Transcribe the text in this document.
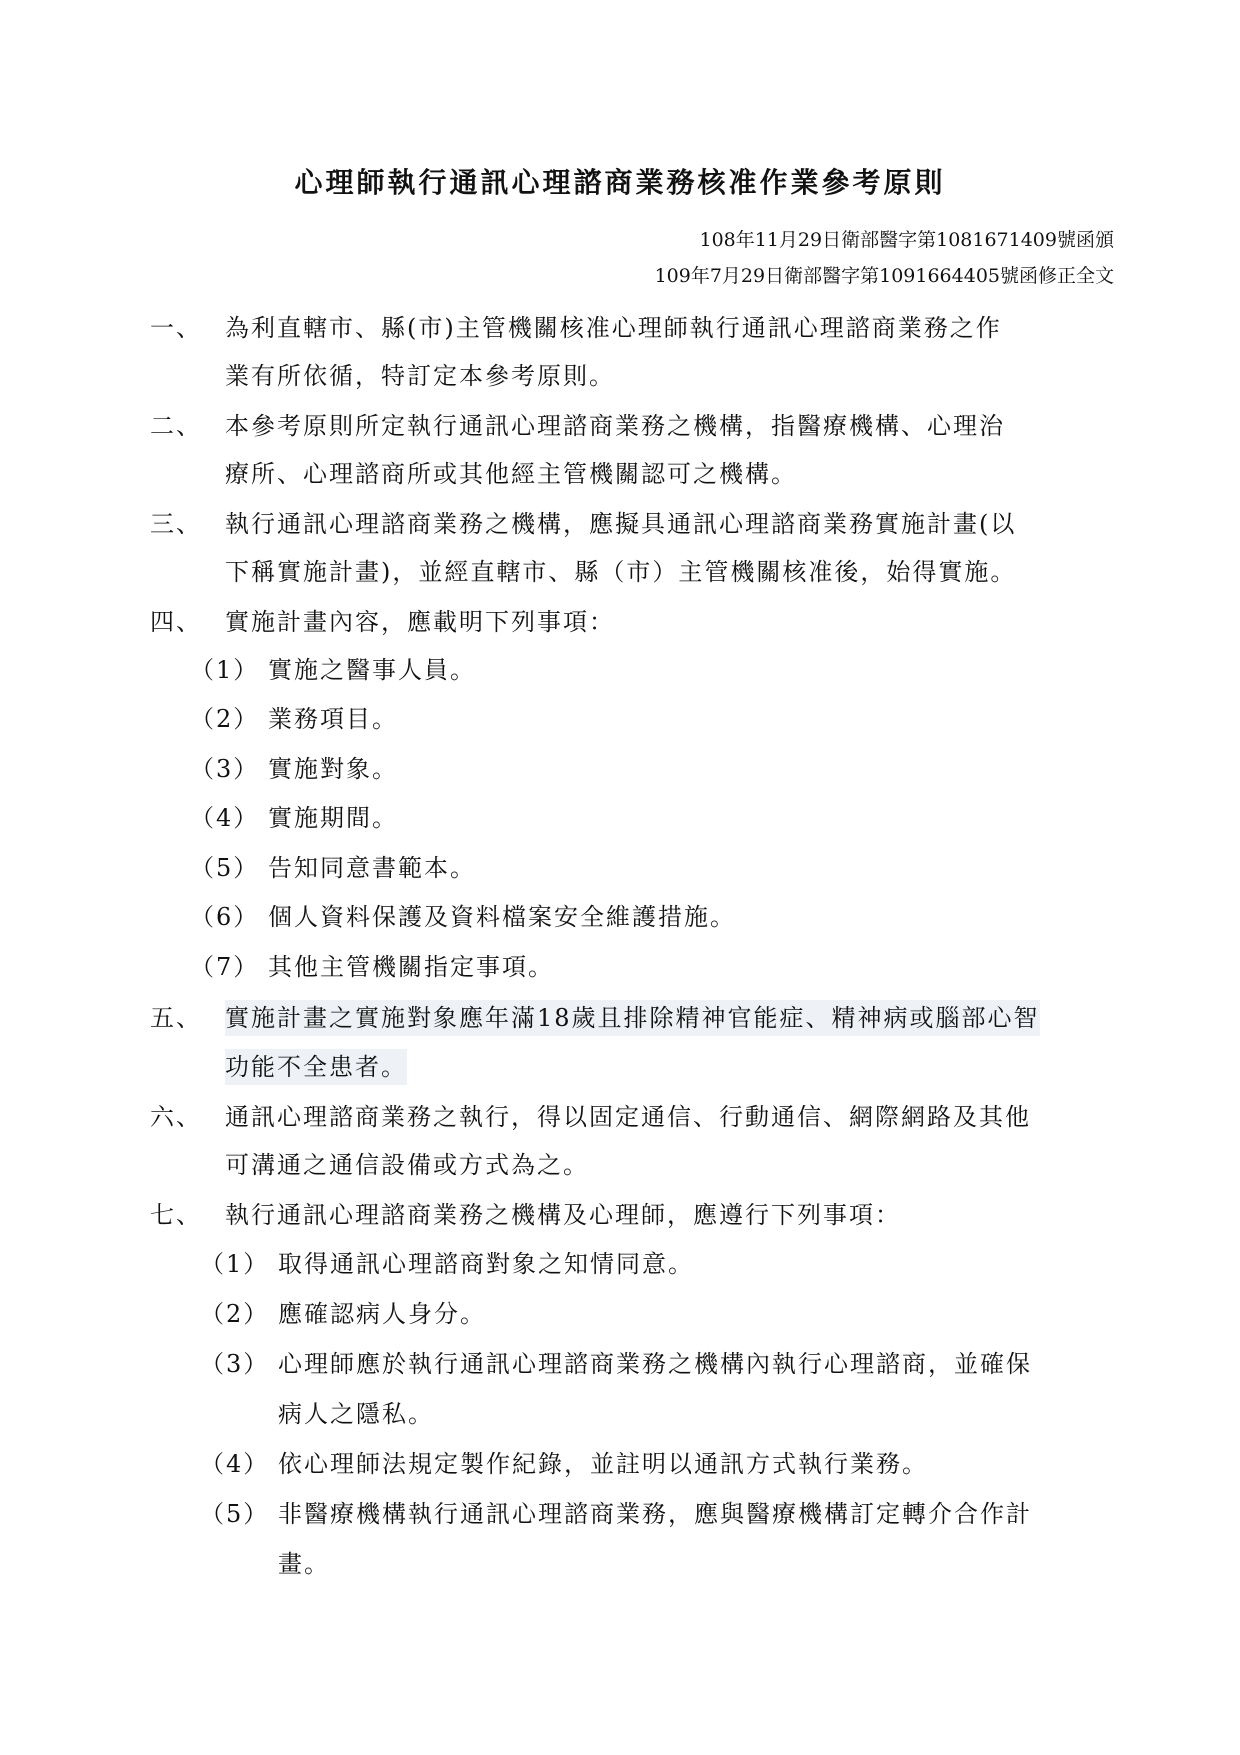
心理師執行通訊心理諮商業務核准作業參考原則
108年11月29日衛部醫字第1081671409號函頒
109年7月29日衛部醫字第1091664405號函修正全文
一、 為利直轄市、縣(市)主管機關核准心理師執行通訊心理諮商業務之作
業有所依循，特訂定本參考原則。
二、 本參考原則所定執行通訊心理諮商業務之機構，指醫療機構、心理治
療所、心理諮商所或其他經主管機關認可之機構。
三、 執行通訊心理諮商業務之機構，應擬具通訊心理諮商業務實施計畫(以
下稱實施計畫)，並經直轄市、縣（市）主管機關核准後，始得實施。
四、 實施計畫內容，應載明下列事項：
（1） 實施之醫事人員。
（2） 業務項目。
（3） 實施對象。
（4） 實施期間。
（5） 告知同意書範本。
（6） 個人資料保護及資料檔案安全維護措施。
（7） 其他主管機關指定事項。
五、 實施計畫之實施對象應年滿18歲且排除精神官能症、精神病或腦部心智
功能不全患者。
六、 通訊心理諮商業務之執行，得以固定通信、行動通信、網際網路及其他
可溝通之通信設備或方式為之。
七、 執行通訊心理諮商業務之機構及心理師，應遵行下列事項：
（1） 取得通訊心理諮商對象之知情同意。
（2） 應確認病人身分。
（3） 心理師應於執行通訊心理諮商業務之機構內執行心理諮商，並確保
病人之隱私。
（4） 依心理師法規定製作紀錄，並註明以通訊方式執行業務。
（5） 非醫療機構執行通訊心理諮商業務，應與醫療機構訂定轉介合作計
畫。
